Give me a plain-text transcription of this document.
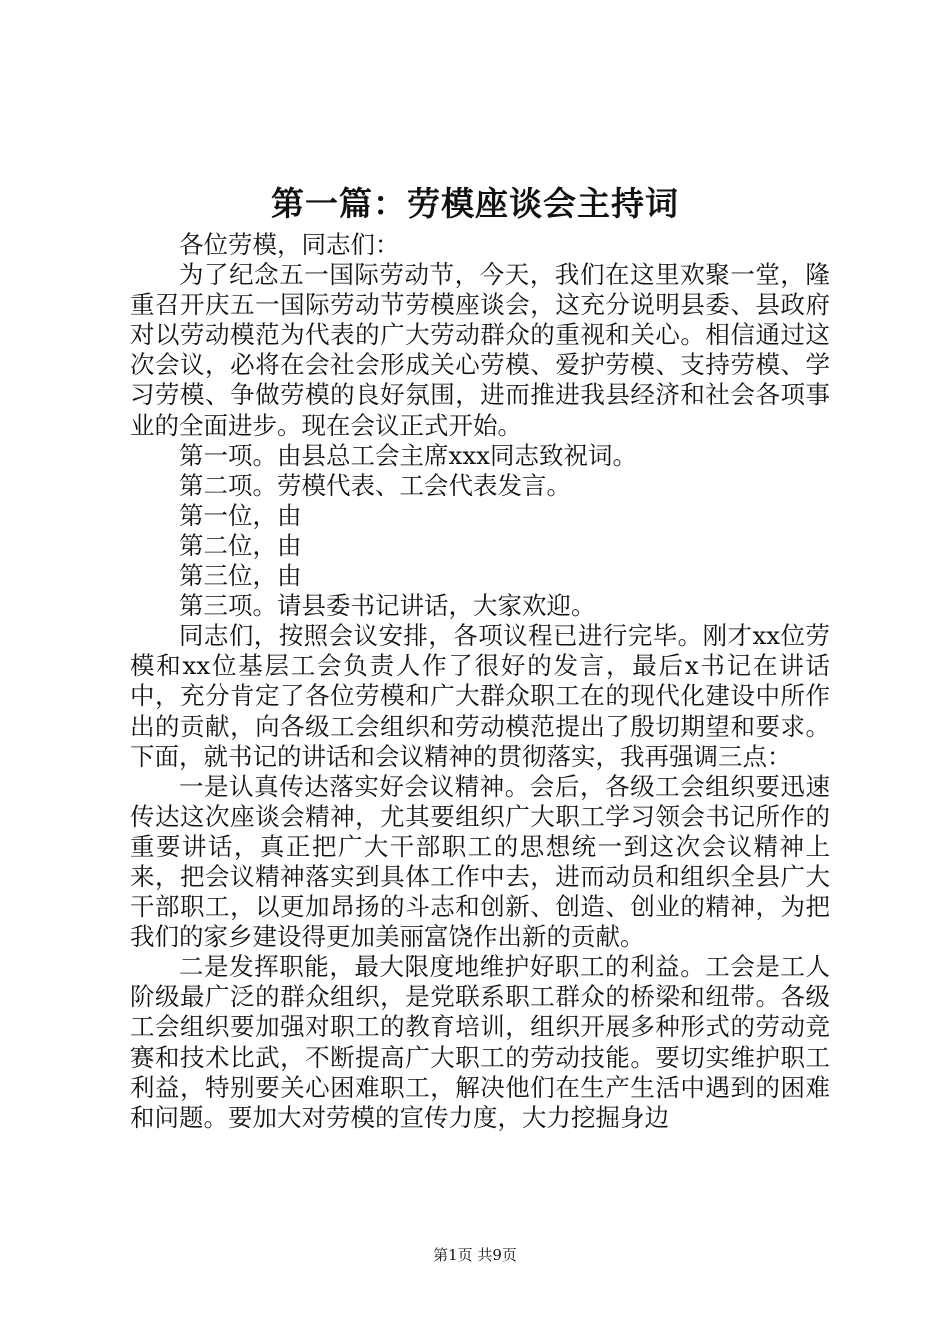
第一篇：劳模座谈会主持词

各位劳模，同志们：

为了纪念五一国际劳动节，今天，我们在这里欢聚一堂，隆重召开庆五一国际劳动节劳模座谈会，这充分说明县委、县政府对以劳动模范为代表的广大劳动群众的重视和关心。相信通过这次会议，必将在会社会形成关心劳模、爱护劳模、支持劳模、学习劳模、争做劳模的良好氛围，进而推进我县经济和社会各项事业的全面进步。现在会议正式开始。

第一项。由县总工会主席xxx同志致祝词。

第二项。劳模代表、工会代表发言。

第一位，由

第二位，由

第三位，由

第三项。请县委书记讲话，大家欢迎。

同志们，按照会议安排，各项议程已进行完毕。刚才xx位劳模和xx位基层工会负责人作了很好的发言，最后x书记在讲话中，充分肯定了各位劳模和广大群众职工在的现代化建设中所作出的贡献，向各级工会组织和劳动模范提出了殷切期望和要求。下面，就书记的讲话和会议精神的贯彻落实，我再强调三点：

一是认真传达落实好会议精神。会后，各级工会组织要迅速传达这次座谈会精神，尤其要组织广大职工学习领会书记所作的重要讲话，真正把广大干部职工的思想统一到这次会议精神上来，把会议精神落实到具体工作中去，进而动员和组织全县广大干部职工，以更加昂扬的斗志和创新、创造、创业的精神，为把我们的家乡建设得更加美丽富饶作出新的贡献。

二是发挥职能，最大限度地维护好职工的利益。工会是工人阶级最广泛的群众组织，是党联系职工群众的桥梁和纽带。各级工会组织要加强对职工的教育培训，组织开展多种形式的劳动竞赛和技术比武，不断提高广大职工的劳动技能。要切实维护职工利益，特别要关心困难职工，解决他们在生产生活中遇到的困难和问题。要加大对劳模的宣传力度，大力挖掘身边

第1页 共9页
